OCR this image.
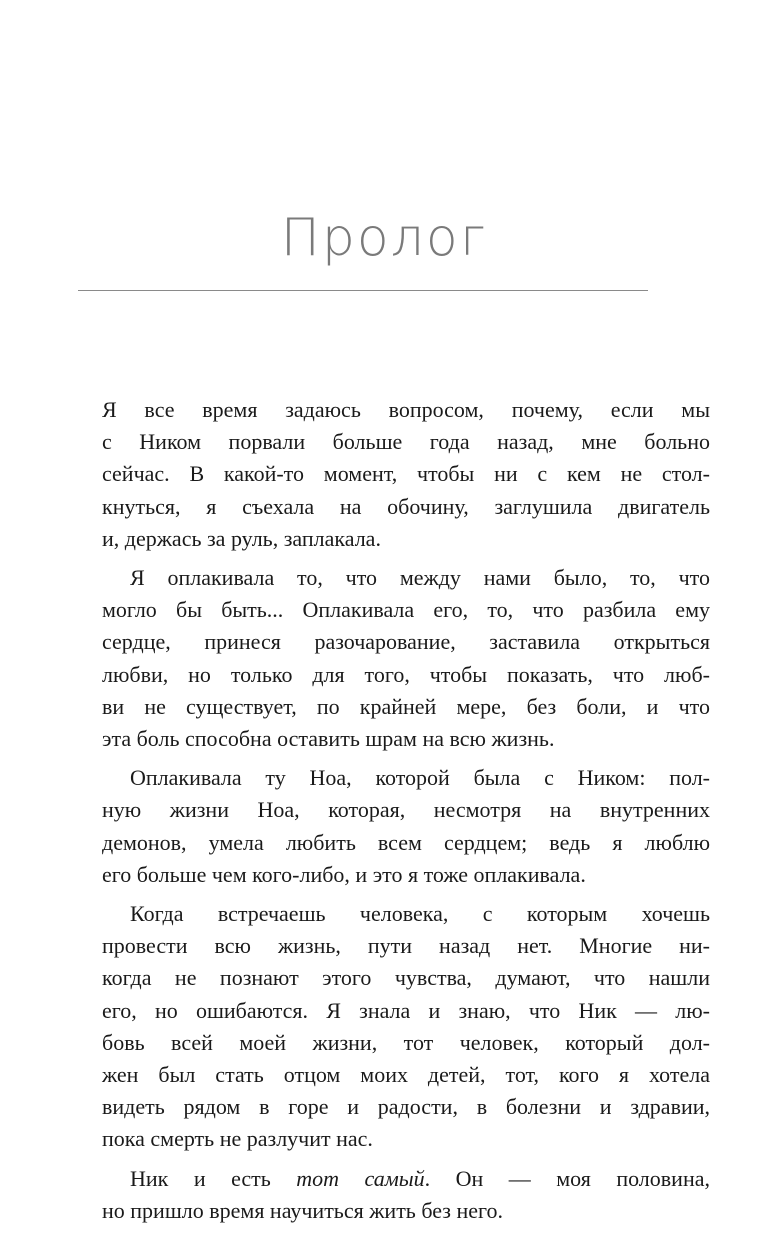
Пролог

Я все время задаюсь вопросом, почему, если мы
с Ником порвали больше года назад, мне больно
сейчас. В какой-то момент, чтобы ни с кем не стол-
кнуться, я съехала на обочину, заглушила двигатель
и, держась за руль, заплакала.

Я оплакивала то, что между нами было, то, что
могло бы быть... Оплакивала его, то, что разбила ему
сердце, принеся разочарование, заставила открыться
любви, но только для того, чтобы показать, что люб-
ви не существует, по крайней мере, без боли, и что
эта боль способна оставить шрам на всю жизнь.

Оплакивала ту Ноа, которой была с Ником: пол-
ную жизни Ноа, которая, несмотря на внутренних
демонов, умела любить всем сердцем; ведь я люблю
его больше чем кого-либо, и это я тоже оплакивала.

Когда встречаешь человека, с которым хочешь
провести всю жизнь, пути назад нет. Многие ни-
когда не познают этого чувства, думают, что нашли
его, но ошибаются. Я знала и знаю, что Ник — лю-
бовь всей моей жизни, тот человек, который дол-
жен был стать отцом моих детей, тот, кого я хотела
видеть рядом в горе и радости, в болезни и здравии,
пока смерть не разлучит нас.

Ник и есть тот самый. Он — моя половина,
но пришло время научиться жить без него.
